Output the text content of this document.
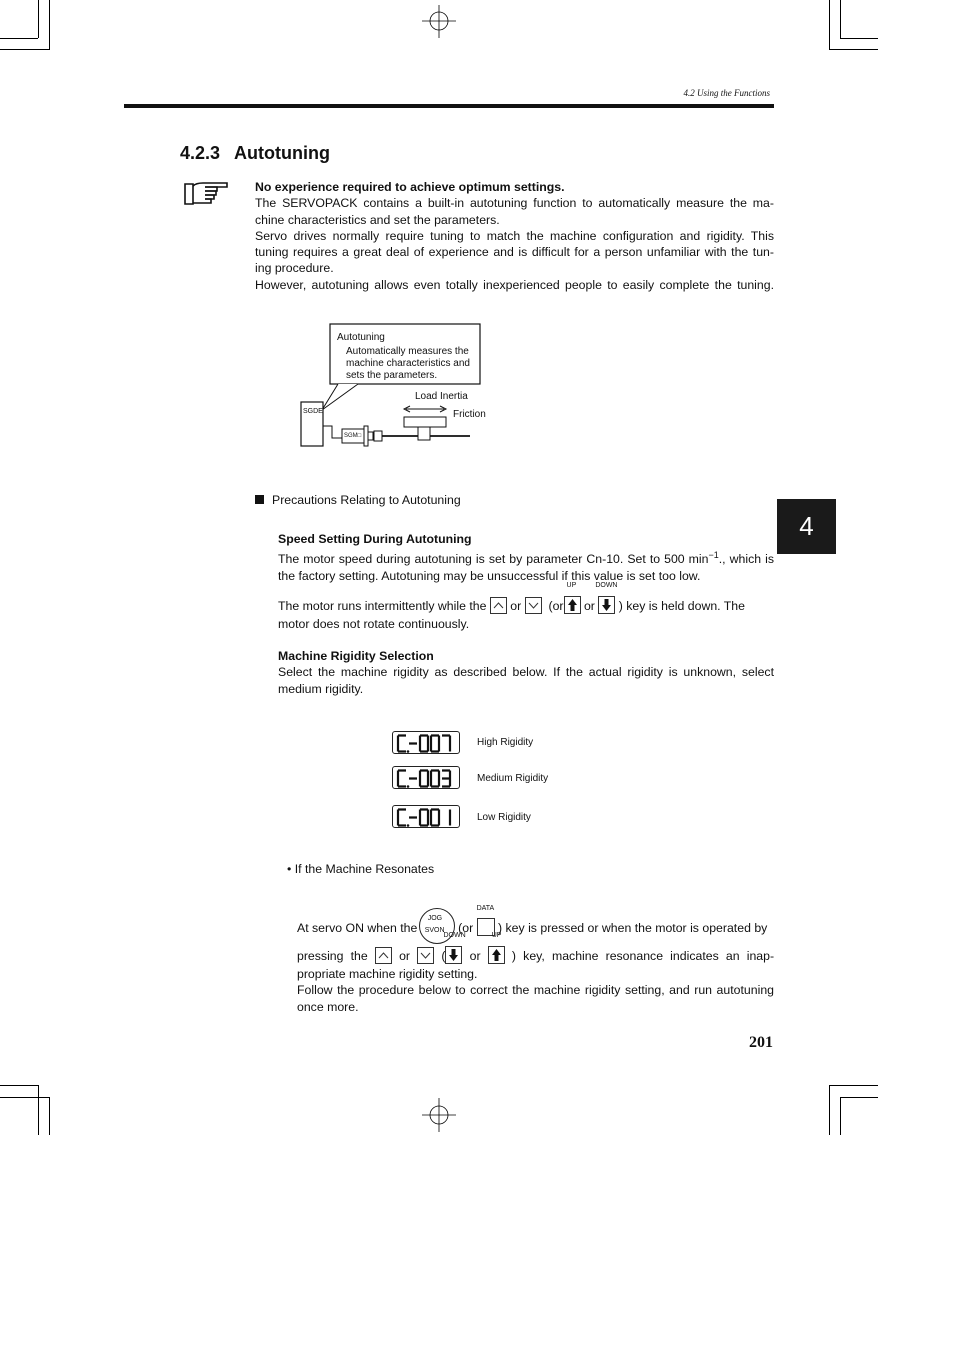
4.2 Using the Functions
4.2.3 Autotuning
No experience required to achieve optimum settings.
The SERVOPACK contains a built-in autotuning function to automatically measure the ma-
chine characteristics and set the parameters.
Servo drives normally require tuning to match the machine configuration and rigidity. This
tuning requires a great deal of experience and is difficult for a person unfamiliar with the tun-
ing procedure.
However, autotuning allows even totally inexperienced people to easily complete the tuning.
Autotuning
Automatically measures the
machine characteristics and
sets the parameters.
SGDE
SGM□
Load Inertia
Friction
Precautions Relating to Autotuning
Speed Setting During Autotuning
The motor speed during autotuning is set by parameter Cn-10. Set to 500 $\min^{-1}$., which is
the factory setting. Autotuning may be unsuccessful if this value is set too low.
The motor runs intermittently while the or (or
UP
or
DOWN
) key is held down. The
motor does not rotate continuously.
Machine Rigidity Selection
Select the machine rigidity as described below. If the actual rigidity is unknown, select
medium rigidity.
High Rigidity
Medium Rigidity
Low Rigidity
• If the Machine Resonates
At servo ON when the
JOG
SVON (or
DATA
) key is pressed or when the motor is operated by
pressing the	or	(
DOWN
or
UP
) key, machine resonance indicates an inap-
propriate machine rigidity setting.
Follow the procedure below to correct the machine rigidity setting, and run autotuning
once more.
4
201
